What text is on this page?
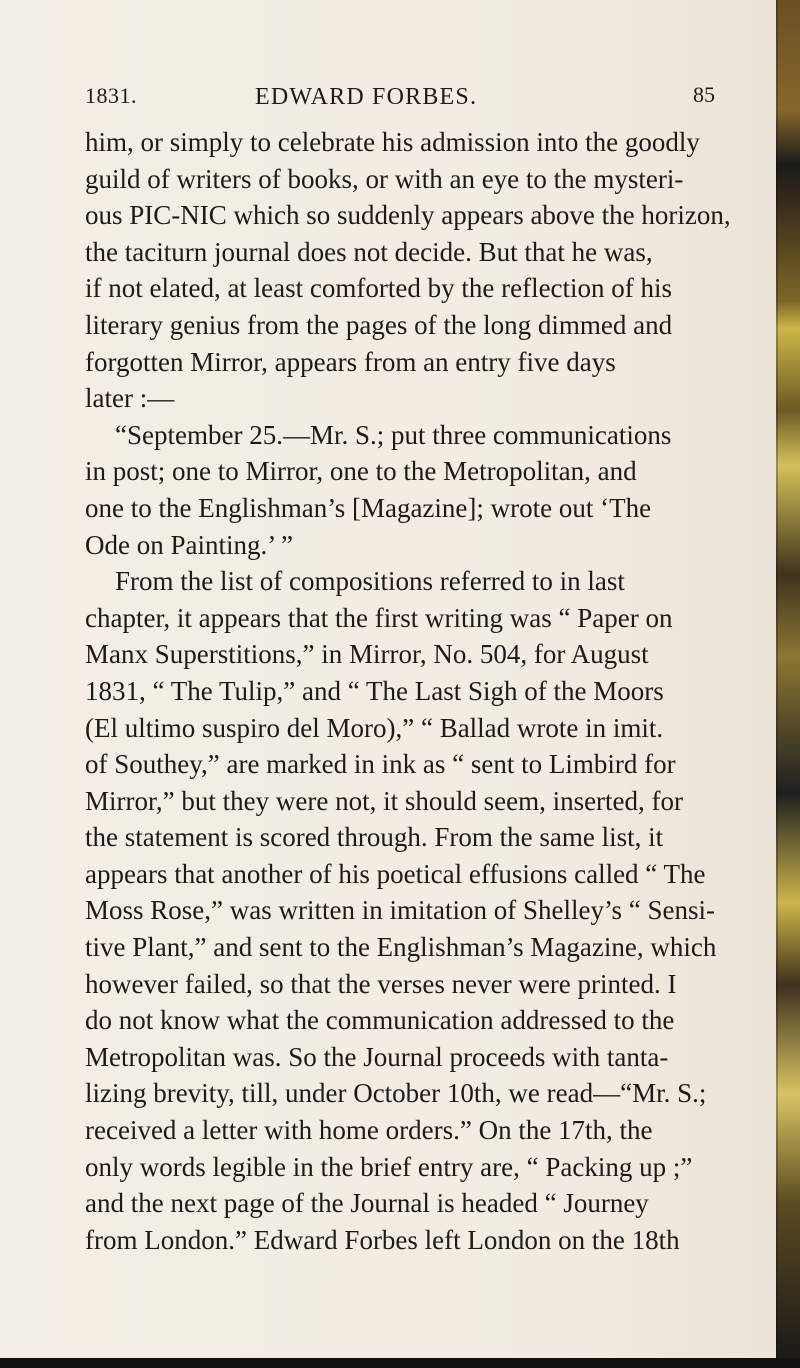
1831.	EDWARD FORBES.	85
him, or simply to celebrate his admission into the goodly
guild of writers of books, or with an eye to the mysteri-
ous PIC-NIC which so suddenly appears above the horizon,
the taciturn journal does not decide. But that he was,
if not elated, at least comforted by the reflection of his
literary genius from the pages of the long dimmed and
forgotten Mirror, appears from an entry five days
later :—
“September 25.—Mr. S.; put three communications
in post; one to Mirror, one to the Metropolitan, and
one to the Englishman’s [Magazine]; wrote out ‘The
Ode on Painting.’ ”
From the list of compositions referred to in last
chapter, it appears that the first writing was “ Paper on
Manx Superstitions,” in Mirror, No. 504, for August
1831, “ The Tulip,” and “ The Last Sigh of the Moors
(El ultimo suspiro del Moro),” “ Ballad wrote in imit.
of Southey,” are marked in ink as “ sent to Limbird for
Mirror,” but they were not, it should seem, inserted, for
the statement is scored through. From the same list, it
appears that another of his poetical effusions called “ The
Moss Rose,” was written in imitation of Shelley’s “ Sensi-
tive Plant,” and sent to the Englishman’s Magazine, which
however failed, so that the verses never were printed. I
do not know what the communication addressed to the
Metropolitan was. So the Journal proceeds with tanta-
lizing brevity, till, under October 10th, we read—“Mr. S.;
received a letter with home orders.” On the 17th, the
only words legible in the brief entry are, “ Packing up ;”
and the next page of the Journal is headed “ Journey
from London.” Edward Forbes left London on the 18th
